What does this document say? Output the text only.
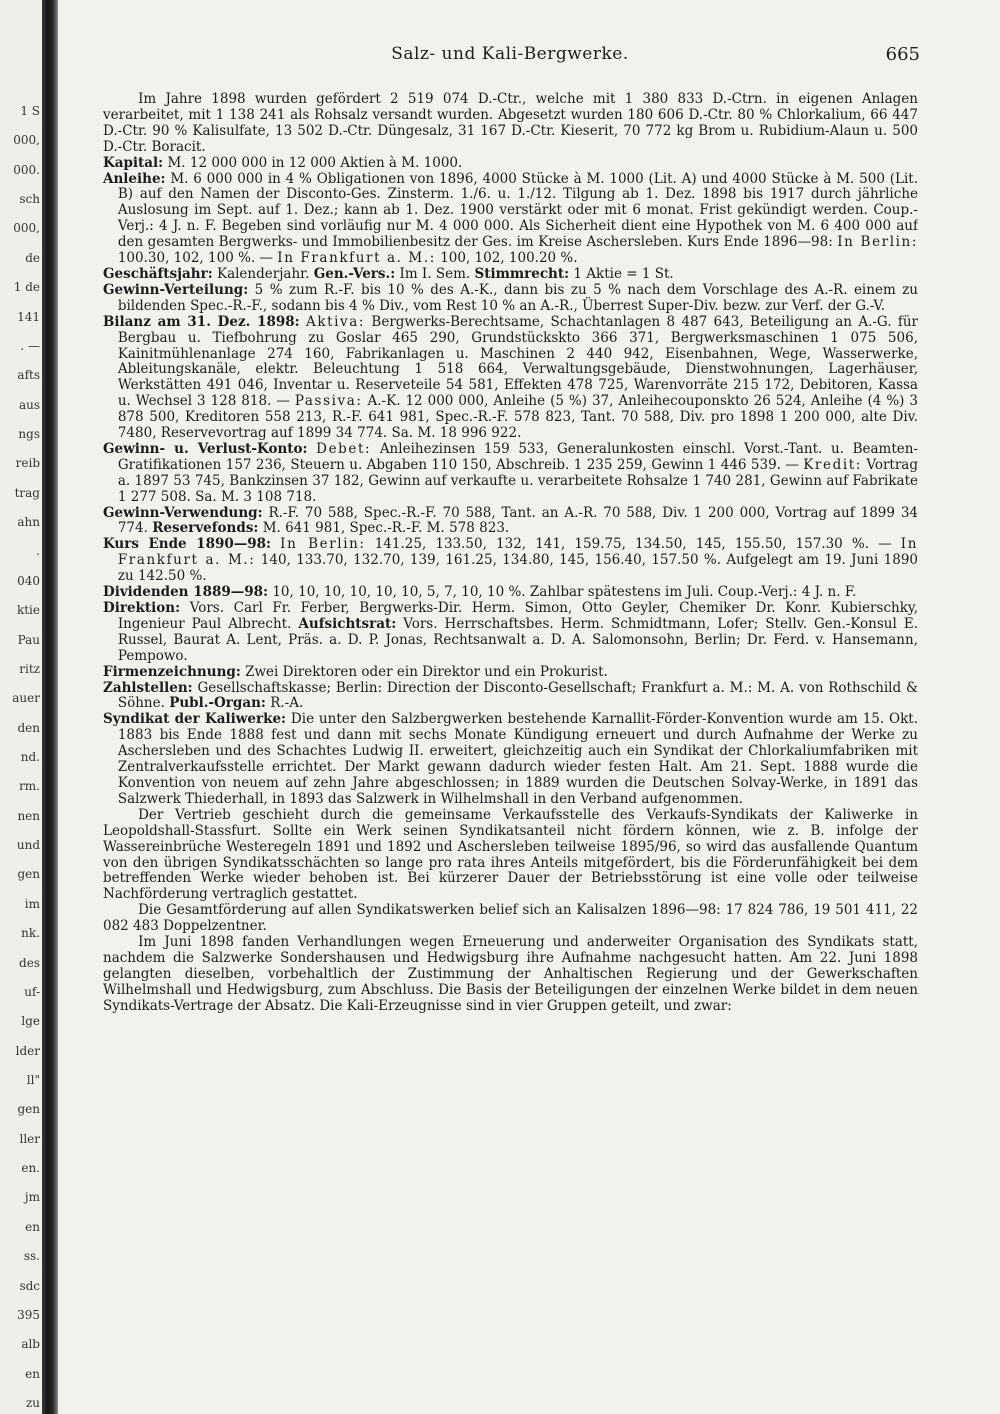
1 S
000,
000.
sch
000,
de
1 de
141
. —
afts
aus
ngs
reib
trag
ahn
.
040
ktie
Pau
ritz
auer
den
nd.
rm.
nen
und
gen
im
nk.
des
uf-
lge
lder
ll"
gen
ller
en.
jm
en
ss.
sdc
395
alb
en
zu
Salz- und Kali-Bergwerke.	665

Im Jahre 1898 wurden gefördert 2 519 074 D.-Ctr., welche mit 1 380 833 D.-Ctrn. in eigenen Anlagen verarbeitet, mit 1 138 241 als Rohsalz versandt wurden. Abgesetzt wurden 180 606 D.-Ctr. 80 % Chlorkalium, 66 447 D.-Ctr. 90 % Kalisulfate, 13 502 D.-Ctr. Düngesalz, 31 167 D.-Ctr. Kieserit, 70 772 kg Brom u. Rubidium-Alaun u. 500 D.-Ctr. Boracit.

Kapital: M. 12 000 000 in 12 000 Aktien à M. 1000.

Anleihe: M. 6 000 000 in 4 % Obligationen von 1896, 4000 Stücke à M. 1000 (Lit. A) und 4000 Stücke à M. 500 (Lit. B) auf den Namen der Disconto-Ges. Zinsterm. 1./6. u. 1./12. Tilgung ab 1. Dez. 1898 bis 1917 durch jährliche Auslosung im Sept. auf 1. Dez.; kann ab 1. Dez. 1900 verstärkt oder mit 6 monat. Frist gekündigt werden. Coup.-Verj.: 4 J. n. F. Begeben sind vorläufig nur M. 4 000 000. Als Sicherheit dient eine Hypothek von M. 6 400 000 auf den gesamten Bergwerks- und Immobilienbesitz der Ges. im Kreise Aschersleben. Kurs Ende 1896—98: In Berlin: 100.30, 102, 100 %. — In Frankfurt a. M.: 100, 102, 100.20 %.

Geschäftsjahr: Kalenderjahr. Gen.-Vers.: Im I. Sem. Stimmrecht: 1 Aktie = 1 St.

Gewinn-Verteilung: 5 % zum R.-F. bis 10 % des A.-K., dann bis zu 5 % nach dem Vorschlage des A.-R. einem zu bildenden Spec.-R.-F., sodann bis 4 % Div., vom Rest 10 % an A.-R., Überrest Super-Div. bezw. zur Verf. der G.-V.

Bilanz am 31. Dez. 1898: Aktiva: Bergwerks-Berechtsame, Schachtanlagen 8 487 643, Beteiligung an A.-G. für Bergbau u. Tiefbohrung zu Goslar 465 290, Grundstückskto 366 371, Bergwerksmaschinen 1 075 506, Kainitmühlenanlage 274 160, Fabrikanlagen u. Maschinen 2 440 942, Eisenbahnen, Wege, Wasserwerke, Ableitungskanäle, elektr. Beleuchtung 1 518 664, Verwaltungsgebäude, Dienstwohnungen, Lagerhäuser, Werkstätten 491 046, Inventar u. Reserveteile 54 581, Effekten 478 725, Warenvorräte 215 172, Debitoren, Kassa u. Wechsel 3 128 818. — Passiva: A.-K. 12 000 000, Anleihe (5 %) 37, Anleihecouponskto 26 524, Anleihe (4 %) 3 878 500, Kreditoren 558 213, R.-F. 641 981, Spec.-R.-F. 578 823, Tant. 70 588, Div. pro 1898 1 200 000, alte Div. 7480, Reservevortrag auf 1899 34 774. Sa. M. 18 996 922.

Gewinn- u. Verlust-Konto: Debet: Anleihezinsen 159 533, Generalunkosten einschl. Vorst.-Tant. u. Beamten-Gratifikationen 157 236, Steuern u. Abgaben 110 150, Abschreib. 1 235 259, Gewinn 1 446 539. — Kredit: Vortrag a. 1897 53 745, Bankzinsen 37 182, Gewinn auf verkaufte u. verarbeitete Rohsalze 1 740 281, Gewinn auf Fabrikate 1 277 508. Sa. M. 3 108 718.

Gewinn-Verwendung: R.-F. 70 588, Spec.-R.-F. 70 588, Tant. an A.-R. 70 588, Div. 1 200 000, Vortrag auf 1899 34 774. Reservefonds: M. 641 981, Spec.-R.-F. M. 578 823.

Kurs Ende 1890—98: In Berlin: 141.25, 133.50, 132, 141, 159.75, 134.50, 145, 155.50, 157.30 %. — In Frankfurt a. M.: 140, 133.70, 132.70, 139, 161.25, 134.80, 145, 156.40, 157.50 %. Aufgelegt am 19. Juni 1890 zu 142.50 %.

Dividenden 1889—98: 10, 10, 10, 10, 10, 10, 5, 7, 10, 10 %. Zahlbar spätestens im Juli. Coup.-Verj.: 4 J. n. F.

Direktion: Vors. Carl Fr. Ferber, Bergwerks-Dir. Herm. Simon, Otto Geyler, Chemiker Dr. Konr. Kubierschky, Ingenieur Paul Albrecht. Aufsichtsrat: Vors. Herrschaftsbes. Herm. Schmidtmann, Lofer; Stellv. Gen.-Konsul E. Russel, Baurat A. Lent, Präs. a. D. P. Jonas, Rechtsanwalt a. D. A. Salomonsohn, Berlin; Dr. Ferd. v. Hansemann, Pempowo.

Firmenzeichnung: Zwei Direktoren oder ein Direktor und ein Prokurist.

Zahlstellen: Gesellschaftskasse; Berlin: Direction der Disconto-Gesellschaft; Frankfurt a. M.: M. A. von Rothschild & Söhne. Publ.-Organ: R.-A.

Syndikat der Kaliwerke: Die unter den Salzbergwerken bestehende Karnallit-Förder-Konvention wurde am 15. Okt. 1883 bis Ende 1888 fest und dann mit sechs Monate Kündigung erneuert und durch Aufnahme der Werke zu Aschersleben und des Schachtes Ludwig II. erweitert, gleichzeitig auch ein Syndikat der Chlorkaliumfabriken mit Zentralverkaufsstelle errichtet. Der Markt gewann dadurch wieder festen Halt. Am 21. Sept. 1888 wurde die Konvention von neuem auf zehn Jahre abgeschlossen; in 1889 wurden die Deutschen Solvay-Werke, in 1891 das Salzwerk Thiederhall, in 1893 das Salzwerk in Wilhelmshall in den Verband aufgenommen.

Der Vertrieb geschieht durch die gemeinsame Verkaufsstelle des Verkaufs-Syndikats der Kaliwerke in Leopoldshall-Stassfurt. Sollte ein Werk seinen Syndikatsanteil nicht fördern können, wie z. B. infolge der Wassereinbrüche Westeregeln 1891 und 1892 und Aschersleben teilweise 1895/96, so wird das ausfallende Quantum von den übrigen Syndikatsschächten so lange pro rata ihres Anteils mitgefördert, bis die Förderunfähigkeit bei dem betreffenden Werke wieder behoben ist. Bei kürzerer Dauer der Betriebsstörung ist eine volle oder teilweise Nachförderung vertraglich gestattet.

Die Gesamtförderung auf allen Syndikatswerken belief sich an Kalisalzen 1896—98: 17 824 786, 19 501 411, 22 082 483 Doppelzentner.

Im Juni 1898 fanden Verhandlungen wegen Erneuerung und anderweiter Organisation des Syndikats statt, nachdem die Salzwerke Sondershausen und Hedwigsburg ihre Aufnahme nachgesucht hatten. Am 22. Juni 1898 gelangten dieselben, vorbehaltlich der Zustimmung der Anhaltischen Regierung und der Gewerkschaften Wilhelmshall und Hedwigsburg, zum Abschluss. Die Basis der Beteiligungen der einzelnen Werke bildet in dem neuen Syndikats-Vertrage der Absatz. Die Kali-Erzeugnisse sind in vier Gruppen geteilt, und zwar:
